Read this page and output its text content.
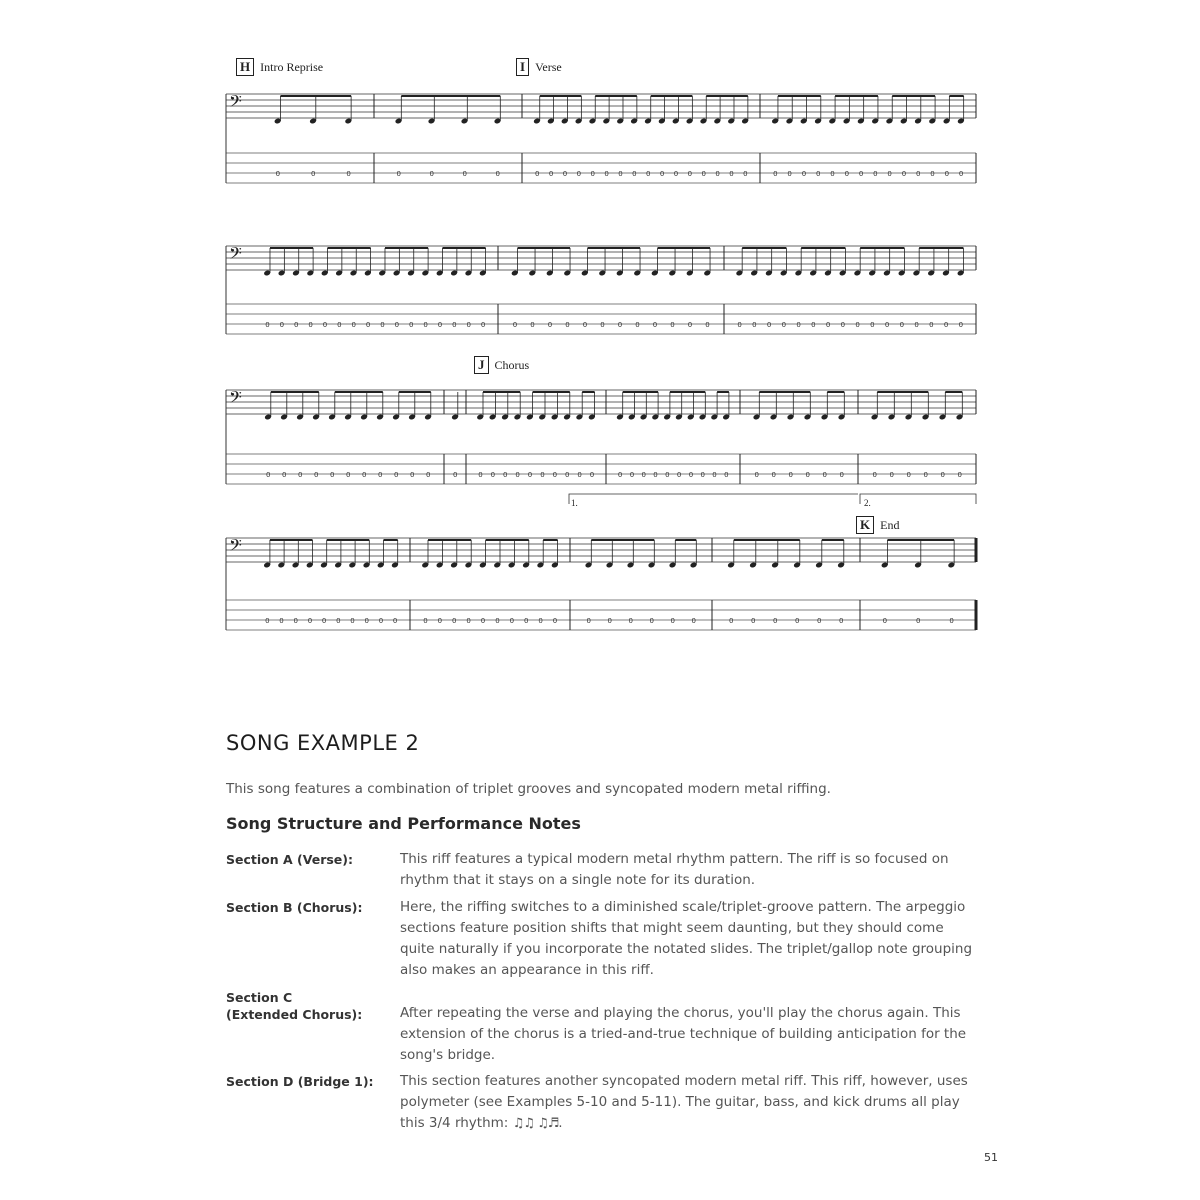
H Intro Reprise	I Verse
𝄢
0	0	0	0	0	0	0	0 0 0 0 0 0 0 0 0 0 0 0 0 0 0 0	0 0 0 0 0 0 0 0 0 0 0 0 0 0
𝄢
0 0 0 0 0 0 0 0 0 0 0 0 0 0 0 0	0 0 0 0 0 0 0 0 0 0 0 0	0 0 0 0 0 0 0 0 0 0 0 0 0 0 0 0
J Chorus
𝄢
0 0 0 0 0 0 0 0 0 0 0	0	0 0 0 0 0 0 0 0 0 0	0 0 0 0 0 0 0 0 0 0	0 0 0 0 0 0	0 0 0 0 0 0
1.	2.
K End
𝄢
0 0 0 0 0 0 0 0 0 0	0 0 0 0 0 0 0 0 0 0	0 0 0 0 0 0	0	0	0	0	0	0	0	0	0
SONG EXAMPLE 2

This song features a combination of triplet grooves and syncopated modern metal riffing.

Song Structure and Performance Notes
Section A (Verse):	This riff features a typical modern metal rhythm pattern. The riff is so focused on rhythm that it stays on a single note for its duration.
Section B (Chorus):	Here, the riffing switches to a diminished scale/triplet-groove pattern. The arpeggio sections feature position shifts that might seem daunting, but they should come quite naturally if you incorporate the notated slides. The triplet/gallop note grouping also makes an appearance in this riff.
Section C
(Extended Chorus):	After repeating the verse and playing the chorus, you'll play the chorus again. This extension of the chorus is a tried-and-true technique of building anticipation for the song's bridge.
Section D (Bridge 1):	This section features another syncopated modern metal riff. This riff, however, uses polymeter (see Examples 5-10 and 5-11). The guitar, bass, and kick drums all play this 3/4 rhythm: ♫♫ ♫♬.
51
